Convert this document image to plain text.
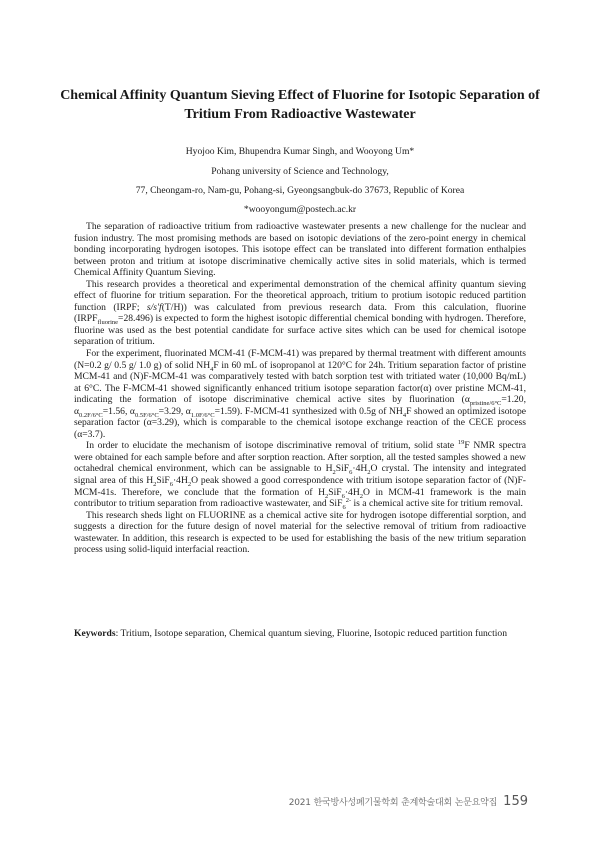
Chemical Affinity Quantum Sieving Effect of Fluorine for Isotopic Separation of
Tritium From Radioactive Wastewater
Hyojoo Kim, Bhupendra Kumar Singh, and Wooyong Um*
Pohang university of Science and Technology,
77, Cheongam-ro, Nam-gu, Pohang-si, Gyeongsangbuk-do 37673, Republic of Korea
*wooyongum@postech.ac.kr

The separation of radioactive tritium from radioactive wastewater presents a new challenge for the nuclear and fusion industry. The most promising methods are based on isotopic deviations of the zero-point energy in chemical bonding incorporating hydrogen isotopes. This isotope effect can be translated into different formation enthalpies between proton and tritium at isotope discriminative chemically active sites in solid materials, which is termed Chemical Affinity Quantum Sieving.

This research provides a theoretical and experimental demonstration of the chemical affinity quantum sieving effect of fluorine for tritium separation. For the theoretical approach, tritium to protium isotopic reduced partition function (IRPF; s/s'f(T/H)) was calculated from previous research data. From this calculation, fluorine $(IRPF_{fluorine}=28.496)$ is expected to form the highest isotopic differential chemical bonding with hydrogen. Therefore, fluorine was used as the best potential candidate for surface active sites which can be used for chemical isotope separation of tritium.

For the experiment, fluorinated MCM-41 (F-MCM-41) was prepared by thermal treatment with different amounts (N=0.2 g/ 0.5 g/ 1.0 g) of solid $NH_4F$ in 60 mL of isopropanol at 120°C for 24h. Tritium separation factor of pristine MCM-41 and (N)F-MCM-41 was comparatively tested with batch sorption test with tritiated water (10,000 Bq/mL) at 6°C. The F-MCM-41 showed significantly enhanced tritium isotope separation factor(α) over pristine MCM-41, indicating the formation of isotope discriminative chemical active sites by fluorination ($\alpha_{pristine/6^\circ C}=1.20$, $\alpha_{0.2F/6^\circ C}=1.56$, $\alpha_{0.5F/6^\circ C}=3.29$, $\alpha_{1.0F/6^\circ C}=1.59$). F-MCM-41 synthesized with 0.5g of $NH_4F$ showed an optimized isotope separation factor (α=3.29), which is comparable to the chemical isotope exchange reaction of the CECE process (α=3.7).

In order to elucidate the mechanism of isotope discriminative removal of tritium, solid state $^{19}$F NMR spectra were obtained for each sample before and after sorption reaction. After sorption, all the tested samples showed a new octahedral chemical environment, which can be assignable to $H_2SiF_6\cdot 4H_2O$ crystal. The intensity and integrated signal area of this $H_2SiF_6\cdot 4H_2O$ peak showed a good correspondence with tritium isotope separation factor of (N)F-MCM-41s. Therefore, we conclude that the formation of $H_2SiF_6\cdot 4H_2O$ in MCM-41 framework is the main contributor to tritium separation from radioactive wastewater, and SiF$_6^{2-}$ is a chemical active site for tritium removal.

This research sheds light on FLUORINE as a chemical active site for hydrogen isotope differential sorption, and suggests a direction for the future design of novel material for the selective removal of tritium from radioactive wastewater. In addition, this research is expected to be used for establishing the basis of the new tritium separation process using solid-liquid interfacial reaction.

Keywords: Tritium, Isotope separation, Chemical quantum sieving, Fluorine, Isotopic reduced partition function
2021 한국방사성폐기물학회 춘계학술대회 논문요약집 159
